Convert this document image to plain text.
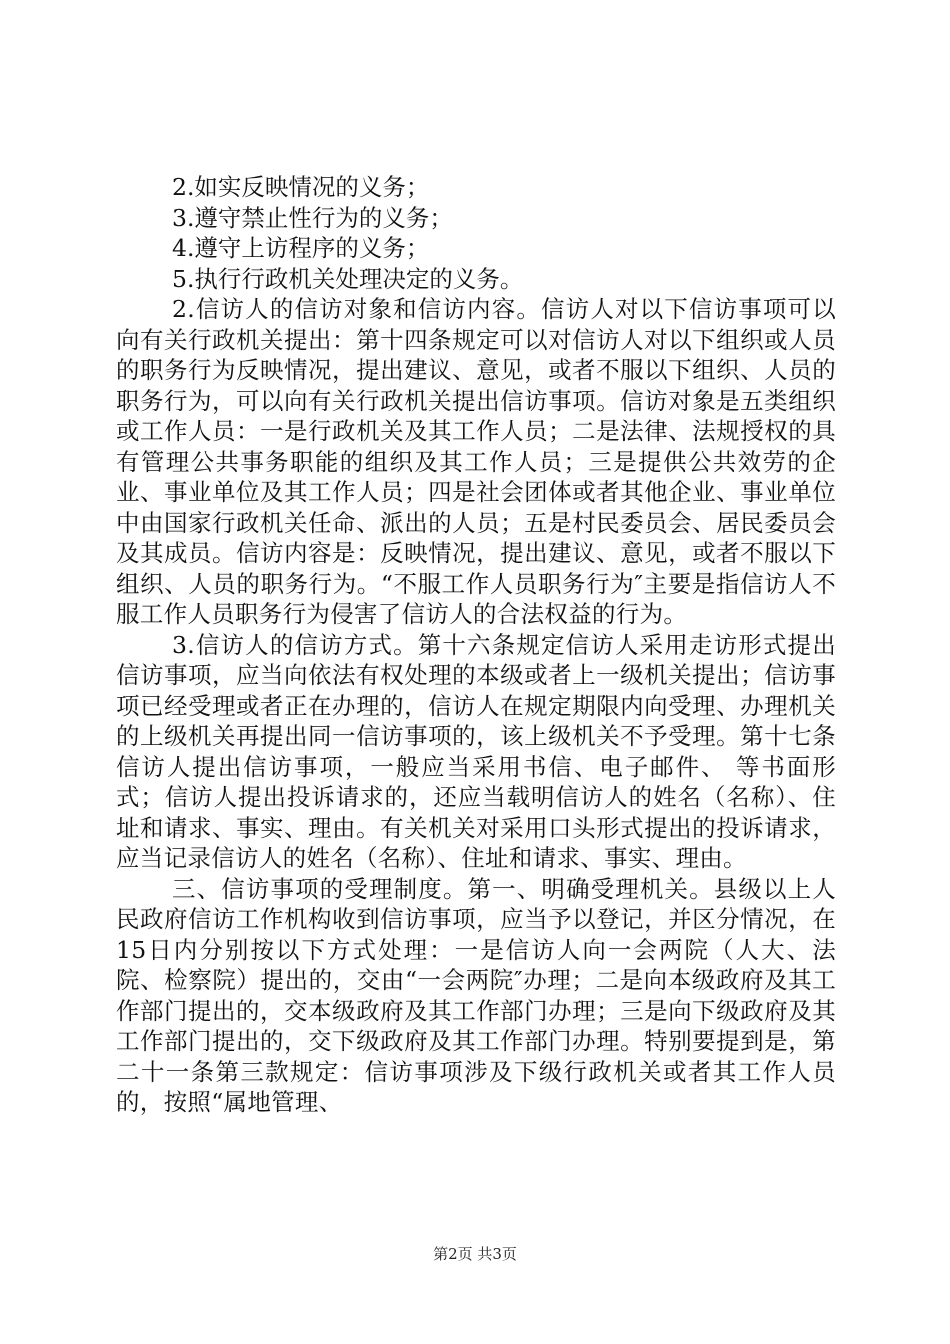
2.如实反映情况的义务；

3.遵守禁止性行为的义务；

4.遵守上访程序的义务；

5.执行行政机关处理决定的义务。

2.信访人的信访对象和信访内容。信访人对以下信访事项可以向有关行政机关提出：第十四条规定可以对信访人对以下组织或人员的职务行为反映情况，提出建议、意见，或者不服以下组织、人员的职务行为，可以向有关行政机关提出信访事项。信访对象是五类组织或工作人员：一是行政机关及其工作人员；二是法律、法规授权的具有管理公共事务职能的组织及其工作人员；三是提供公共效劳的企业、事业单位及其工作人员；四是社会团体或者其他企业、事业单位中由国家行政机关任命、派出的人员；五是村民委员会、居民委员会及其成员。信访内容是：反映情况，提出建议、意见，或者不服以下组织、人员的职务行为。“不服工作人员职务行为″主要是指信访人不服工作人员职务行为侵害了信访人的合法权益的行为。

3.信访人的信访方式。第十六条规定信访人采用走访形式提出信访事项，应当向依法有权处理的本级或者上一级机关提出；信访事项已经受理或者正在办理的，信访人在规定期限内向受理、办理机关的上级机关再提出同一信访事项的，该上级机关不予受理。第十七条信访人提出信访事项，一般应当采用书信、电子邮件、 等书面形式；信访人提出投诉请求的，还应当载明信访人的姓名（名称）、住址和请求、事实、理由。有关机关对采用口头形式提出的投诉请求，应当记录信访人的姓名（名称）、住址和请求、事实、理由。

三、信访事项的受理制度。第一、明确受理机关。县级以上人民政府信访工作机构收到信访事项，应当予以登记，并区分情况，在15日内分别按以下方式处理：一是信访人向一会两院（人大、法院、检察院）提出的，交由“一会两院″办理；二是向本级政府及其工作部门提出的，交本级政府及其工作部门办理；三是向下级政府及其工作部门提出的，交下级政府及其工作部门办理。特别要提到是，第二十一条第三款规定：信访事项涉及下级行政机关或者其工作人员的，按照“属地管理、

第2页 共3页
